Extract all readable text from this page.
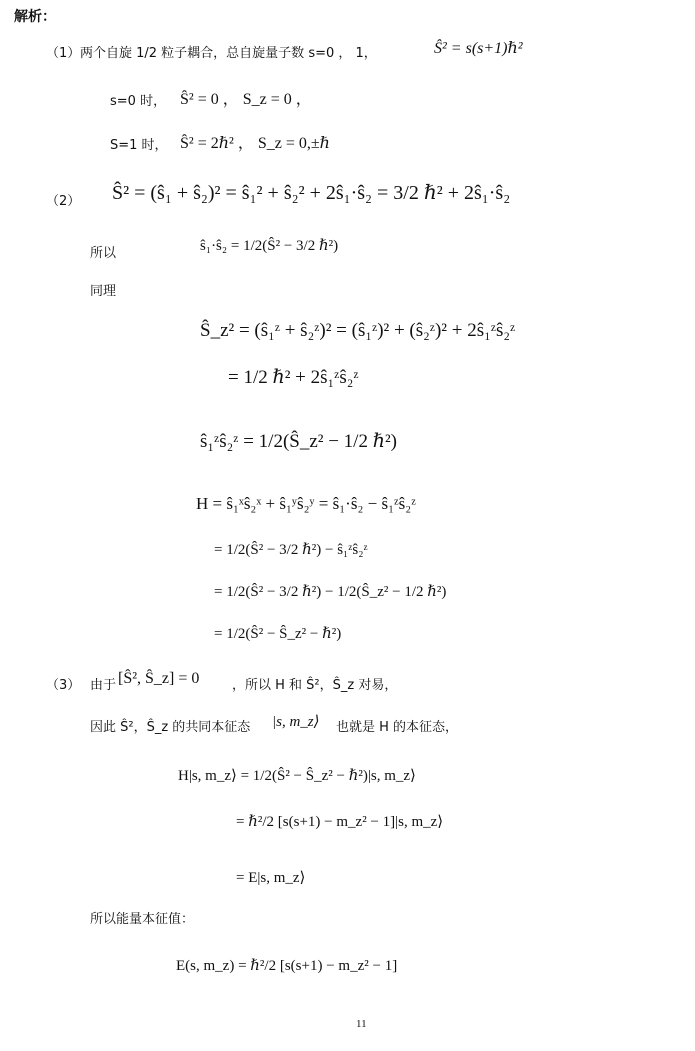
解析：
（1） 两个自旋 1/2 粒子耦合，总自旋量子数 s=0 ， 1，	Ŝ² = s(s+1)ℏ²
s=0 时， Ŝ² = 0 ， S_z = 0 ，
S=1 时， Ŝ² = 2ℏ² ， S_z = 0,±ℏ
（2） Ŝ² = (ŝ₁ + ŝ₂)² = ŝ₁² + ŝ₂² + 2ŝ₁·ŝ₂ = 3/2 ℏ² + 2ŝ₁·ŝ₂
所以	ŝ₁·ŝ₂ = 1/2(Ŝ² − 3/2 ℏ²)
同理
Ŝ_z² = (ŝ₁ᶻ + ŝ₂ᶻ)² = (ŝ₁ᶻ)² + (ŝ₂ᶻ)² + 2ŝ₁ᶻŝ₂ᶻ
= 1/2 ℏ² + 2ŝ₁ᶻŝ₂ᶻ
ŝ₁ᶻŝ₂ᶻ = 1/2(Ŝ_z² − 1/2 ℏ²)
H = ŝ₁ˣŝ₂ˣ + ŝ₁ʸŝ₂ʸ = ŝ₁·ŝ₂ − ŝ₁ᶻŝ₂ᶻ
= 1/2(Ŝ² − 3/2 ℏ²) − ŝ₁ᶻŝ₂ᶻ
= 1/2(Ŝ² − 3/2 ℏ²) − 1/2(Ŝ_z² − 1/2 ℏ²)
= 1/2(Ŝ² − Ŝ_z² − ℏ²)
（3） 由于 [Ŝ², Ŝ_z] = 0	，所以 H 和 Ŝ²，Ŝ_z 对易，
因此 Ŝ²，Ŝ_z 的共同本征态 |s, m_z⟩ 也就是 H 的本征态，
H|s, m_z⟩ = 1/2(Ŝ² − Ŝ_z² − ℏ²)|s, m_z⟩
= ℏ²/2 [s(s+1) − m_z² − 1]|s, m_z⟩
= E|s, m_z⟩
所以能量本征值：
E(s, m_z) = ℏ²/2 [s(s+1) − m_z² − 1]
11
